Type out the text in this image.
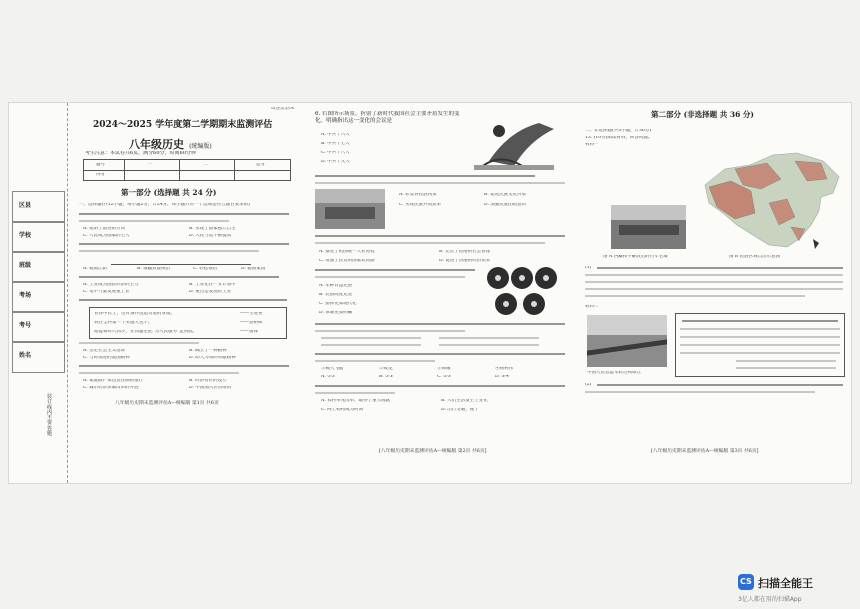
区县
学校
班级
考场
考号
姓名
装订线内不要答题
试卷类型:A
2024～2025 学年度第二学期期末监测评估
八年级历史 (统编版)
考生注意：本试卷共6页，满分60分，时间60分钟
题号	一	二	总分
得分
第一部分 (选择题 共 24 分)
一、选择题(共12小题，每小题2分，计24分，每小题只有一个选项是符合题目要求的)
A. 指明了前进的方向	B. 实现了国家独立自主
C. 人民成为国家的主人	D. 人民当选不断提高
A. 稳固江防	B. 推翻封建统治	C. 轻松领悟	D. 稳固家园
A. 工业成为国民经济的主导	B. 工业化在一五计划中
C. 集中力量发展重工业	D. 重点是发展轻工业
青春中长上，这有条件创造奇迹的业绩。	——王进喜
我在全村第一个实施大包干。	——焦裕禄
他能和时代同步，在同题里把"为人民服务"走到底。	——雷锋
A. 坚定社会主义信仰	B. 确立了一种精神
C. 与时俱进的爱国精神	D. 助人为乐的奉献精神
A. 家庭联产承包责任制的推行	B. 经济特区的设立
C. 城市经济体制改革的开展	D. 中国加入世贸组织
八年级历史期末监测评估A—统编版 第1页 共6页
6. 右图所示场景，折射了新时代我国社会主要矛盾发生的变化。明确指出这一变化的会议是
A. 中共十六大
B. 中共十七大
C. 中共十八大
D. 中共十九大
A. 彰显各民族风采	B. 促进民族文化传承
C. 实现民族共同繁荣	D. 加强民族团结意识
A. 推进了祖国统一大业进程	B. 完善了香港的社会管理
C. 增强了民众的国家认同感	D. 促进了香港的经济繁荣
A. 军种日益完整
B. 装备高度先进
C. 指挥更加现代化
D. 体制更加明确
①载人飞船	②蛟龙	③嫦娥	④杨利伟
A. ①②	B. ①③	C. ②③	D. ③④
A. 农村率先改革，取得了重大成就	B. 人们生活发生了变化
C. 网上购物成为时尚	D. 出行交通，便于
[八年级历史期末监测评估A—统编版 第2页 共6页]
第二部分 (非选择题 共 36 分)
二、非选择题(共3小题，计36分)
13. (10分)阅读材料，回答问题。
材料一
图 A 西藏和平解放后的百年老城	图 B 民族区域自治示意图
(1)
材料二
中国人民志愿军跨过鸭绿江
(2)
[八年级历史期末监测评估A—统编版 第3页 共6页]
CS 扫描全能王
3亿人都在用的扫描App
